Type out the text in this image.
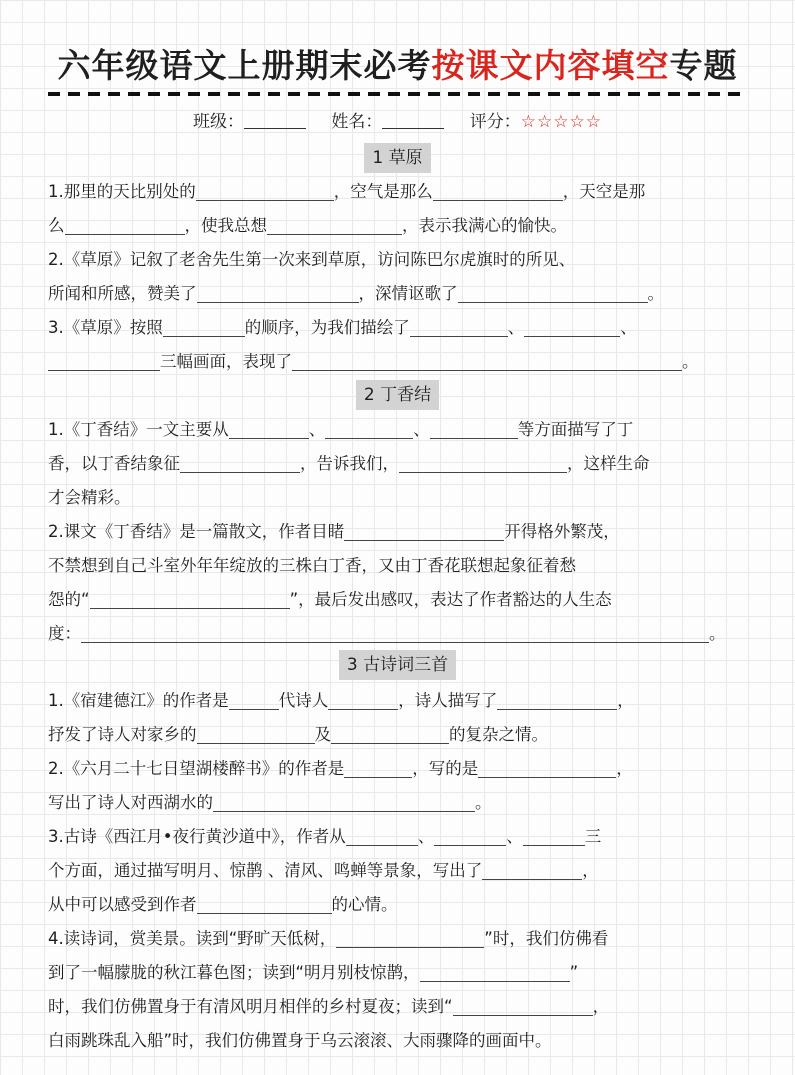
六年级语文上册期末必考按课文内容填空专题
班级：	姓名：	评分：☆☆☆☆☆
1 草原
1.那里的天比别处的	，空气是那么	，天空是那
么	，使我总想	，表示我满心的愉快。
2.《草原》记叙了老舍先生第一次来到草原，访问陈巴尔虎旗时的所见、
所闻和所感，赞美了	，深情讴歌了	。
3.《草原》按照	的顺序，为我们描绘了	、	、
三幅画面，表现了	。
2 丁香结
1.《丁香结》一文主要从	、	、	等方面描写了丁
香，以丁香结象征	，告诉我们，	，这样生命
才会精彩。
2.课文《丁香结》是一篇散文，作者目睹	开得格外繁茂，
不禁想到自己斗室外年年绽放的三株白丁香，又由丁香花联想起象征着愁
怨的“	”，最后发出感叹，表达了作者豁达的人生态
度：	。
3 古诗词三首
1.《宿建德江》的作者是	代诗人	，诗人描写了	，
抒发了诗人对家乡的	及	的复杂之情。
2.《六月二十七日望湖楼醉书》的作者是	，写的是	，
写出了诗人对西湖水的	。
3.古诗《西江月•夜行黄沙道中》，作者从	、	、	三
个方面，通过描写明月、惊鹊 、清风、鸣蝉等景象，写出了	，
从中可以感受到作者	的心情。
4.读诗词，赏美景。读到“野旷天低树，	”时，我们仿佛看
到了一幅朦胧的秋江暮色图；读到“明月别枝惊鹊，	”
时，我们仿佛置身于有清风明月相伴的乡村夏夜；读到“	，
白雨跳珠乱入船”时，我们仿佛置身于乌云滚滚、大雨骤降的画面中。
